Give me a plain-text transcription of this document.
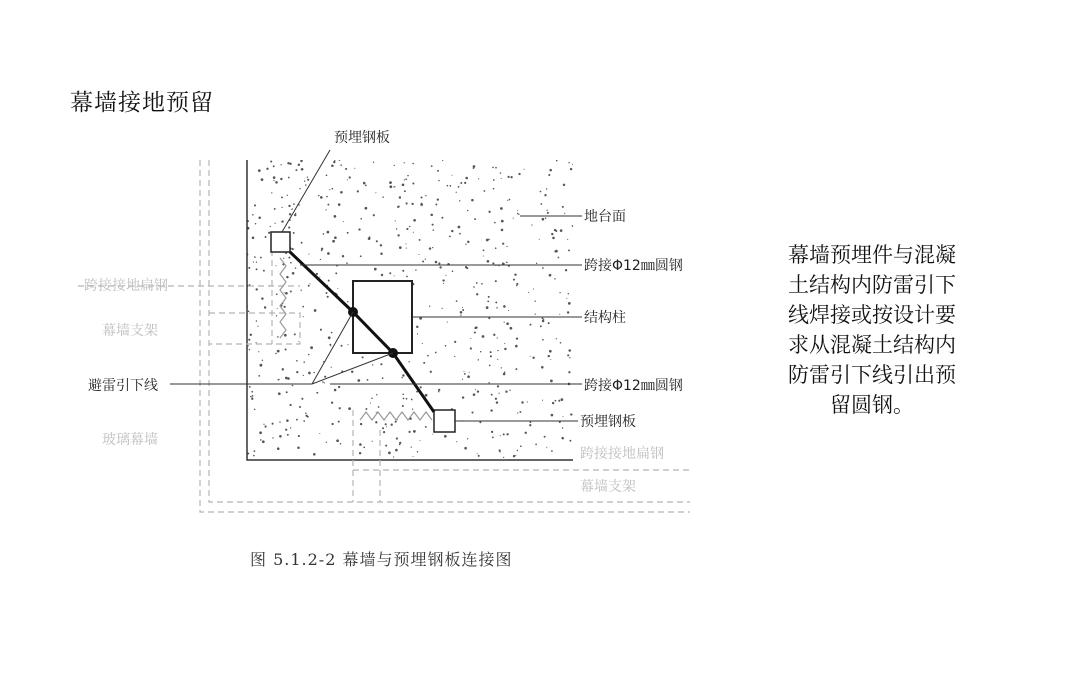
幕墙接地预留
预埋钢板
地台面
跨接Φ12㎜圆钢
结构柱
跨接Φ12㎜圆钢
预埋钢板
跨接接地扁钢
幕墙支架
跨接接地扁钢
幕墙支架
避雷引下线
玻璃幕墙
图 5.1.2-2 幕墙与预埋钢板连接图
幕墙预埋件与混凝
土结构内防雷引下
线焊接或按设计要
求从混凝土结构内
防雷引下线引出预
留圆钢。
